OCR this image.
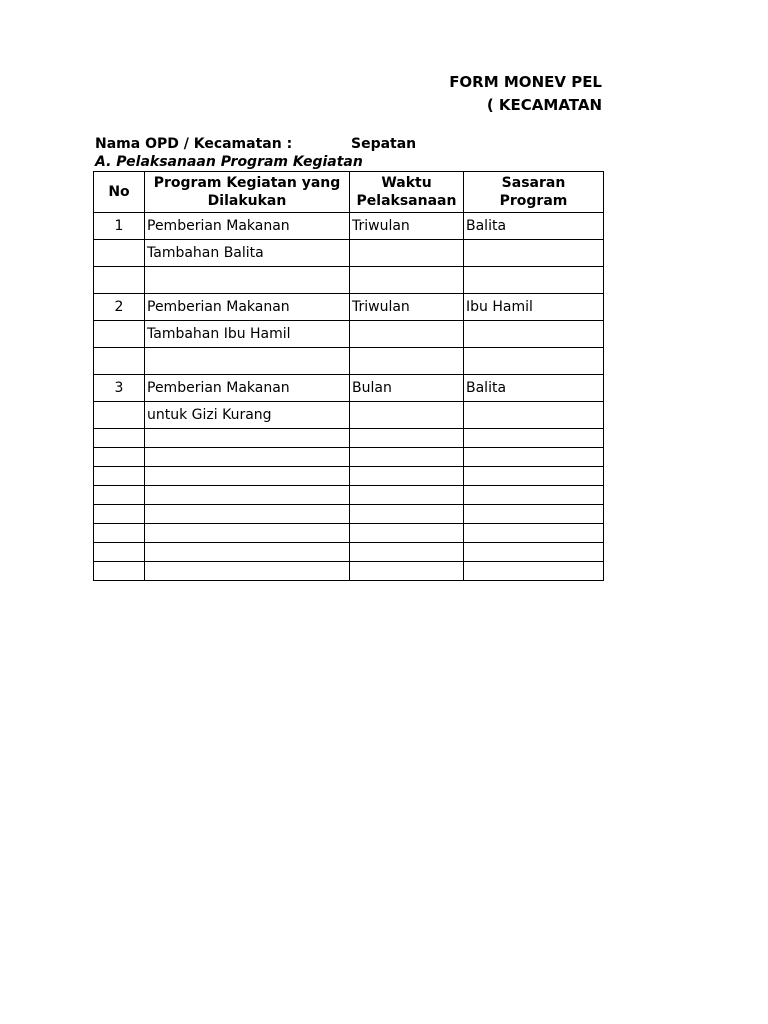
FORM MONEV PEL
( KECAMATAN
Nama OPD / Kecamatan :	Sepatan
A. Pelaksanaan Program Kegiatan
No	Program Kegiatan yang Dilakukan	Waktu Pelaksanaan	Sasaran Program
1	Pemberian Makanan	Triwulan	Balita
	Tambahan Balita		

2	Pemberian Makanan	Triwulan	Ibu Hamil
	Tambahan Ibu Hamil		

3	Pemberian Makanan	Bulan	Balita
	untuk Gizi Kurang		
